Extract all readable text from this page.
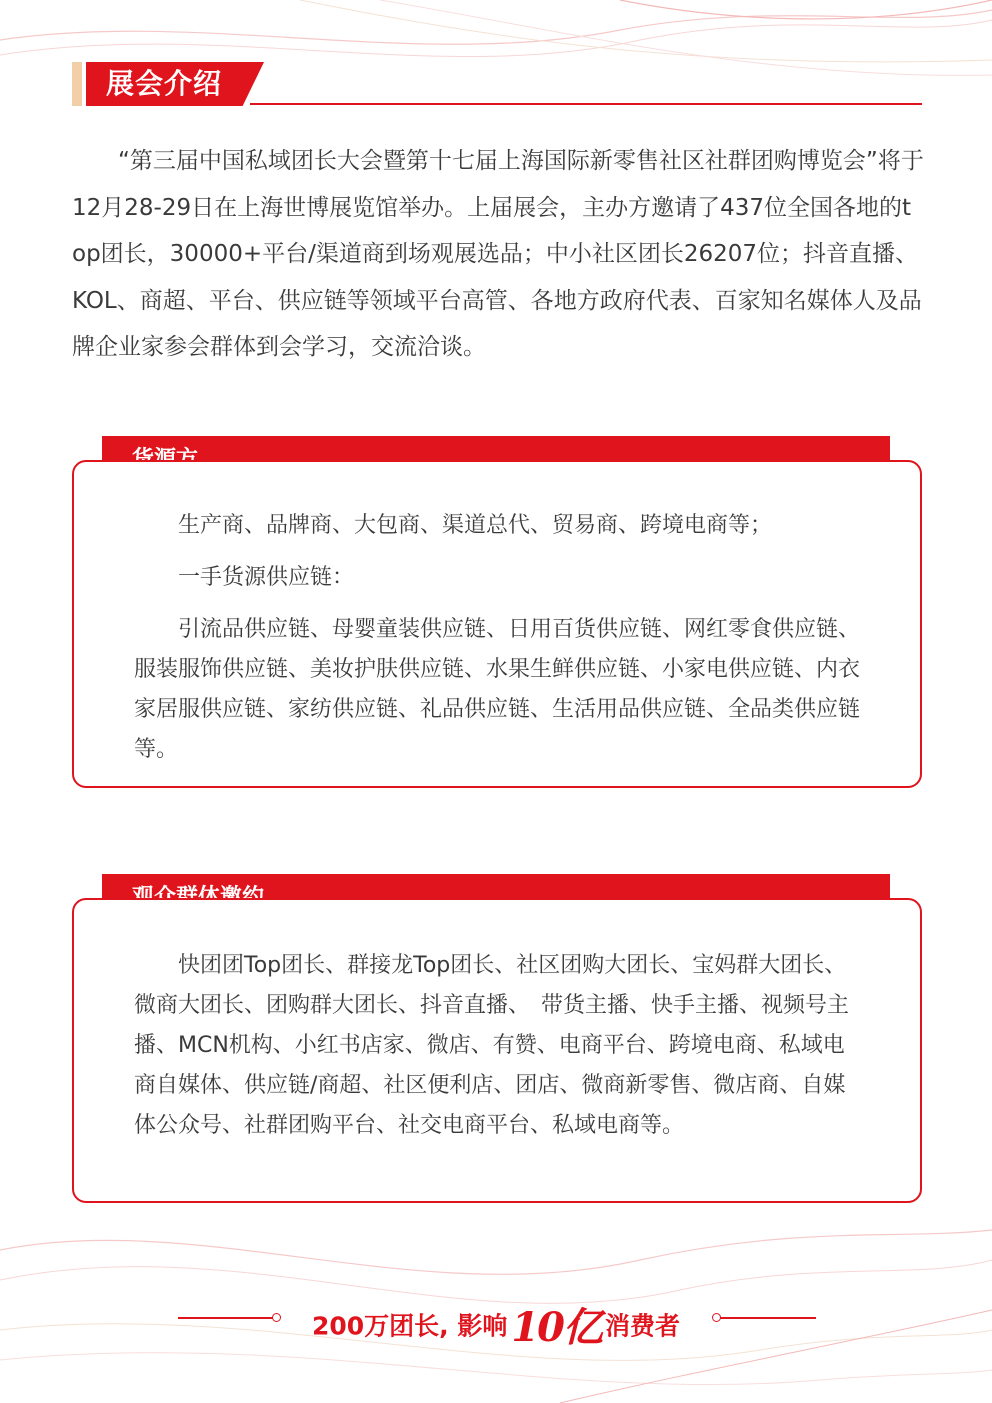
展会介绍

“第三届中国私域团长大会暨第十七届上海国际新零售社区社群团购博览会”将于12月28-29日在上海世博展览馆举办。上届展会，主办方邀请了437位全国各地的top团长，30000+平台/渠道商到场观展选品；中小社区团长26207位；抖音直播、KOL、商超、平台、供应链等领域平台高管、各地方政府代表、百家知名媒体人及品牌企业家参会群体到会学习，交流洽谈。

生产商、品牌商、大包商、渠道总代、贸易商、跨境电商等；

一手货源供应链：

引流品供应链、母婴童装供应链、日用百货供应链、网红零食供应链、服装服饰供应链、美妆护肤供应链、水果生鲜供应链、小家电供应链、内衣家居服供应链、家纺供应链、礼品供应链、生活用品供应链、全品类供应链等。

快团团Top团长、群接龙Top团长、社区团购大团长、宝妈群大团长、微商大团长、团购群大团长、抖音直播、　带货主播、快手主播、视频号主播、MCN机构、小红书店家、微店、有赞、电商平台、跨境电商、私域电商自媒体、供应链/商超、社区便利店、团店、微商新零售、微店商、自媒体公众号、社群团购平台、社交电商平台、私域电商等。

200万团长, 影响 10亿 消费者
